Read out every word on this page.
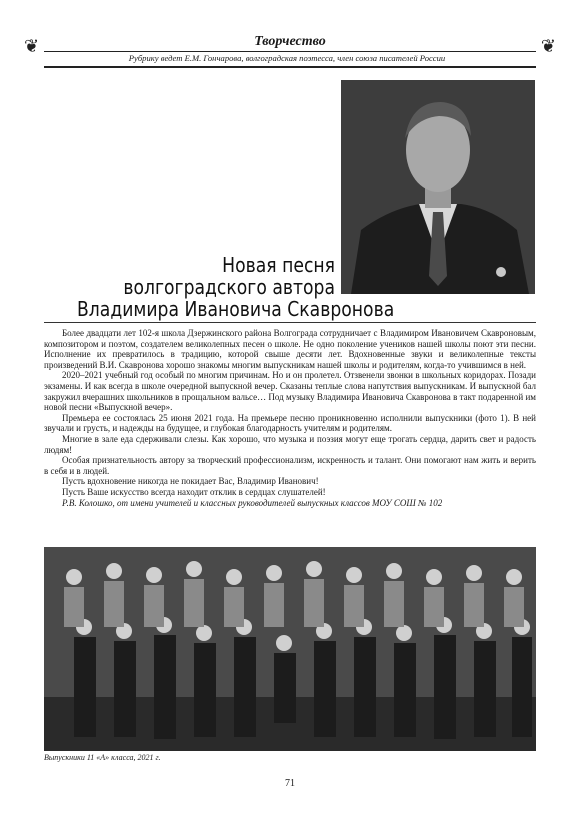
❦	❦
Творчество
Рубрику ведет Е.М. Гончарова, волгоградская поэтесса, член союза писателей России
Новая песня
волгоградского автора
Владимира Ивановича Скавронова

Более двадцати лет 102-я школа Дзержинского района Волгограда сотрудничает с Владимиром Ивановичем Скавроновым, композитором и поэтом, создателем великолепных песен о школе. Не одно поколение учеников нашей школы поют эти песни. Исполнение их превратилось в традицию, которой свыше десяти лет. Вдохновенные звуки и великолепные тексты произведений В.И. Скавронова хорошо знакомы многим выпускникам нашей школы и родителям, когда-то учившимся в ней.

2020–2021 учебный год особый по многим причинам. Но и он пролетел. Отзвенели звонки в школьных коридорах. Позади экзамены. И как всегда в школе очередной выпускной вечер. Сказаны теплые слова напутствия выпускникам. И выпускной бал закружил вчерашних школьников в прощальном вальсе… Под музыку Владимира Ивановича Скавронова в такт подаренной им новой песни «Выпускной вечер».

Премьера ее состоялась 25 июня 2021 года. На премьере песню проникновенно исполнили выпускники (фото 1). В ней звучали и грусть, и надежды на будущее, и глубокая благодарность учителям и родителям.

Многие в зале еда сдерживали слезы. Как хорошо, что музыка и поэзия могут еще трогать сердца, дарить свет и радость людям!

Особая признательность автору за творческий профессионализм, искренность и талант. Они помогают нам жить и верить в себя и в людей.

Пусть вдохновение никогда не покидает Вас, Владимир Иванович!

Пусть Ваше искусство всегда находит отклик в сердцах слушателей!

Р.В. Колошко, от имени учителей и классных руководителей выпускных классов МОУ СОШ № 102

Выпускники 11 «А» класса, 2021 г.
71
